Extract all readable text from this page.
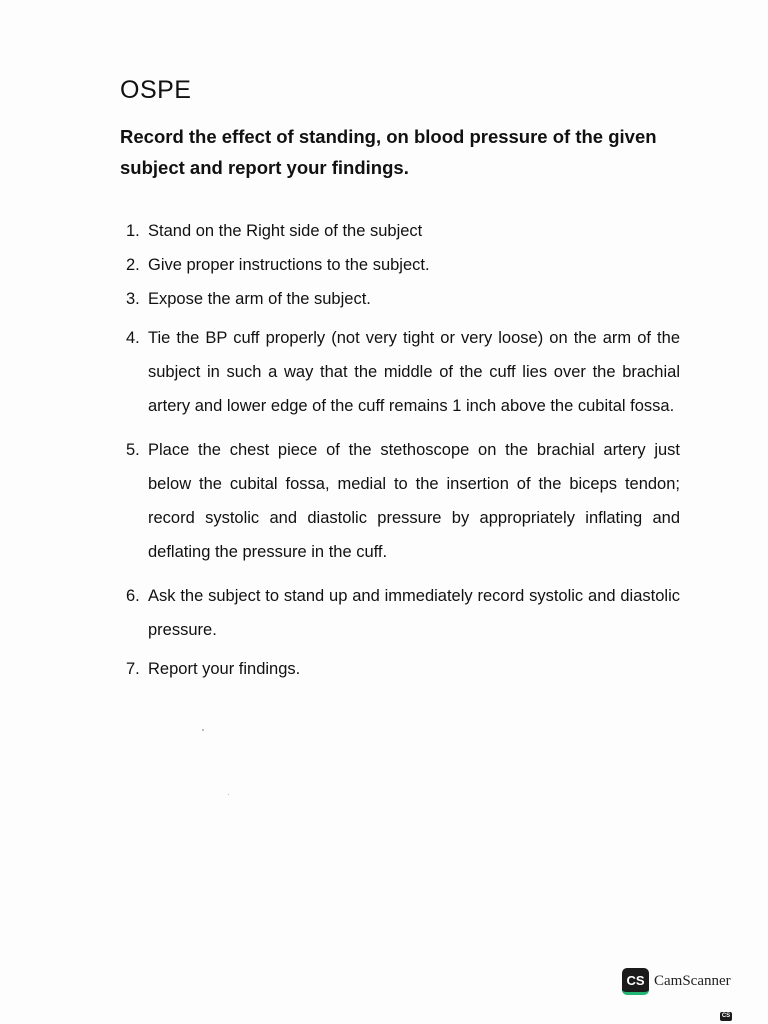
OSPE
Record the effect of standing, on blood pressure of the given subject and report your findings.
1. Stand on the Right side of the subject
2. Give proper instructions to the subject.
3. Expose the arm of the subject.
4. Tie the BP cuff properly (not very tight or very loose) on the arm of the subject in such a way that the middle of the cuff lies over the brachial artery and lower edge of the cuff remains 1 inch above the cubital fossa.
5. Place the chest piece of the stethoscope on the brachial artery just below the cubital fossa, medial to the insertion of the biceps tendon; record systolic and diastolic pressure by appropriately inflating and deflating the pressure in the cuff.
6. Ask the subject to stand up and immediately record systolic and diastolic pressure.
7. Report your findings.
CS CamScanner
CS
